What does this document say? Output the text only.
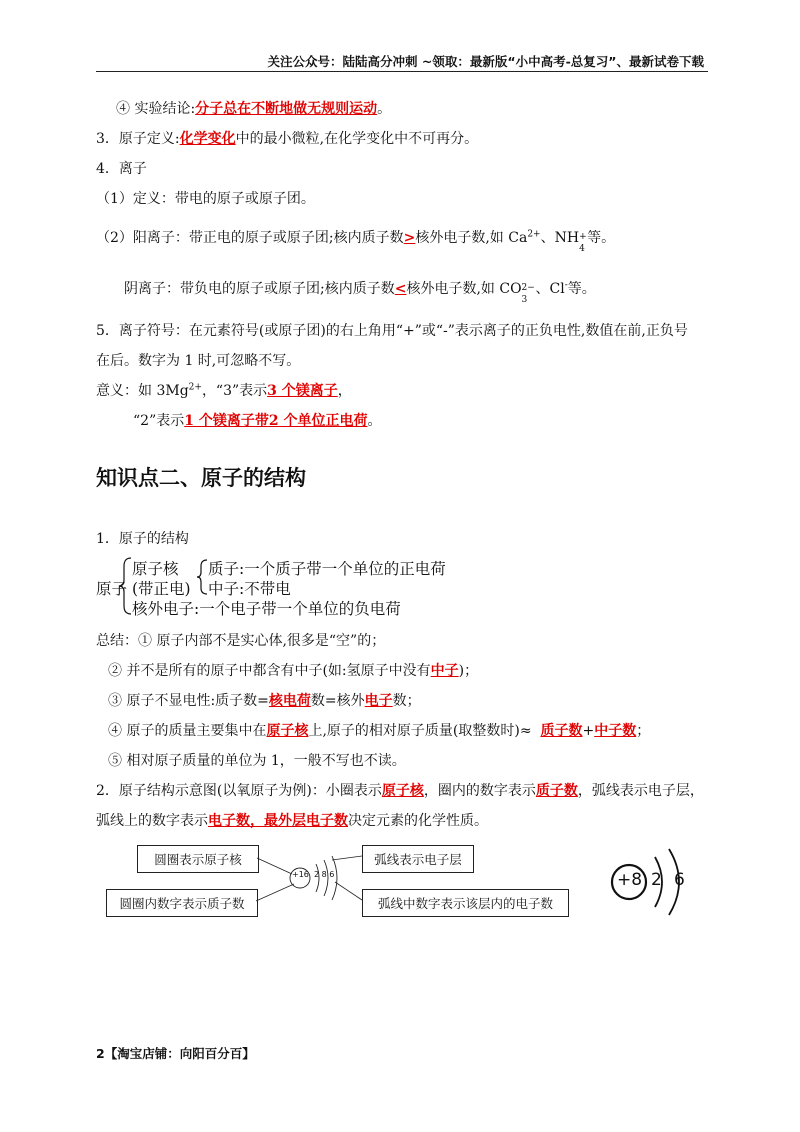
关注公众号：陆陆高分冲刺 ~领取：最新版“小中高考-总复习”、最新试卷下载
④ 实验结论:分子总在不断地做无规则运动。
3．原子定义:化学变化中的最小微粒,在化学变化中不可再分。
4．离子
（1）定义：带电的原子或原子团。
（2）阳离子：带正电的原子或原子团;核内质子数>核外电子数,如 $Ca^{2+}$、NH +
4
等。
阴离子：带负电的原子或原子团;核内质子数<核外电子数,如 CO 2−
3
、Cl-等。
5．离子符号：在元素符号(或原子团)的右上角用“+”或“-”表示离子的正负电性,数值在前,正负号
在后。数字为 1 时,可忽略不写。
意义：如 $3Mg^{2+}$，“3”表示3 个镁离子，
“2”表示1 个镁离子带2 个单位正电荷。
知识点二、原子的结构
1．原子的结构
原子
原子核
(带正电)
质子:一个质子带一个单位的正电荷
中子:不带电
核外电子:一个电子带一个单位的负电荷
总结：① 原子内部不是实心体,很多是“空”的；
② 并不是所有的原子中都含有中子(如:氢原子中没有中子)；
③ 原子不显电性:质子数=核电荷数=核外电子数；
④ 原子的质量主要集中在原子核上,原子的相对原子质量(取整数时)≈ 质子数+中子数；
⑤ 相对原子质量的单位为 1，一般不写也不读。
2．原子结构示意图(以氧原子为例)：小圈表示原子核，圈内的数字表示质子数，弧线表示电子层，
弧线上的数字表示电子数，最外层电子数决定元素的化学性质。
圆圈表示原子核
圆圈内数字表示质子数
弧线表示电子层
弧线中数字表示该层内的电子数
+16 2 8 6	+8 2 6
2【淘宝店铺：向阳百分百】
